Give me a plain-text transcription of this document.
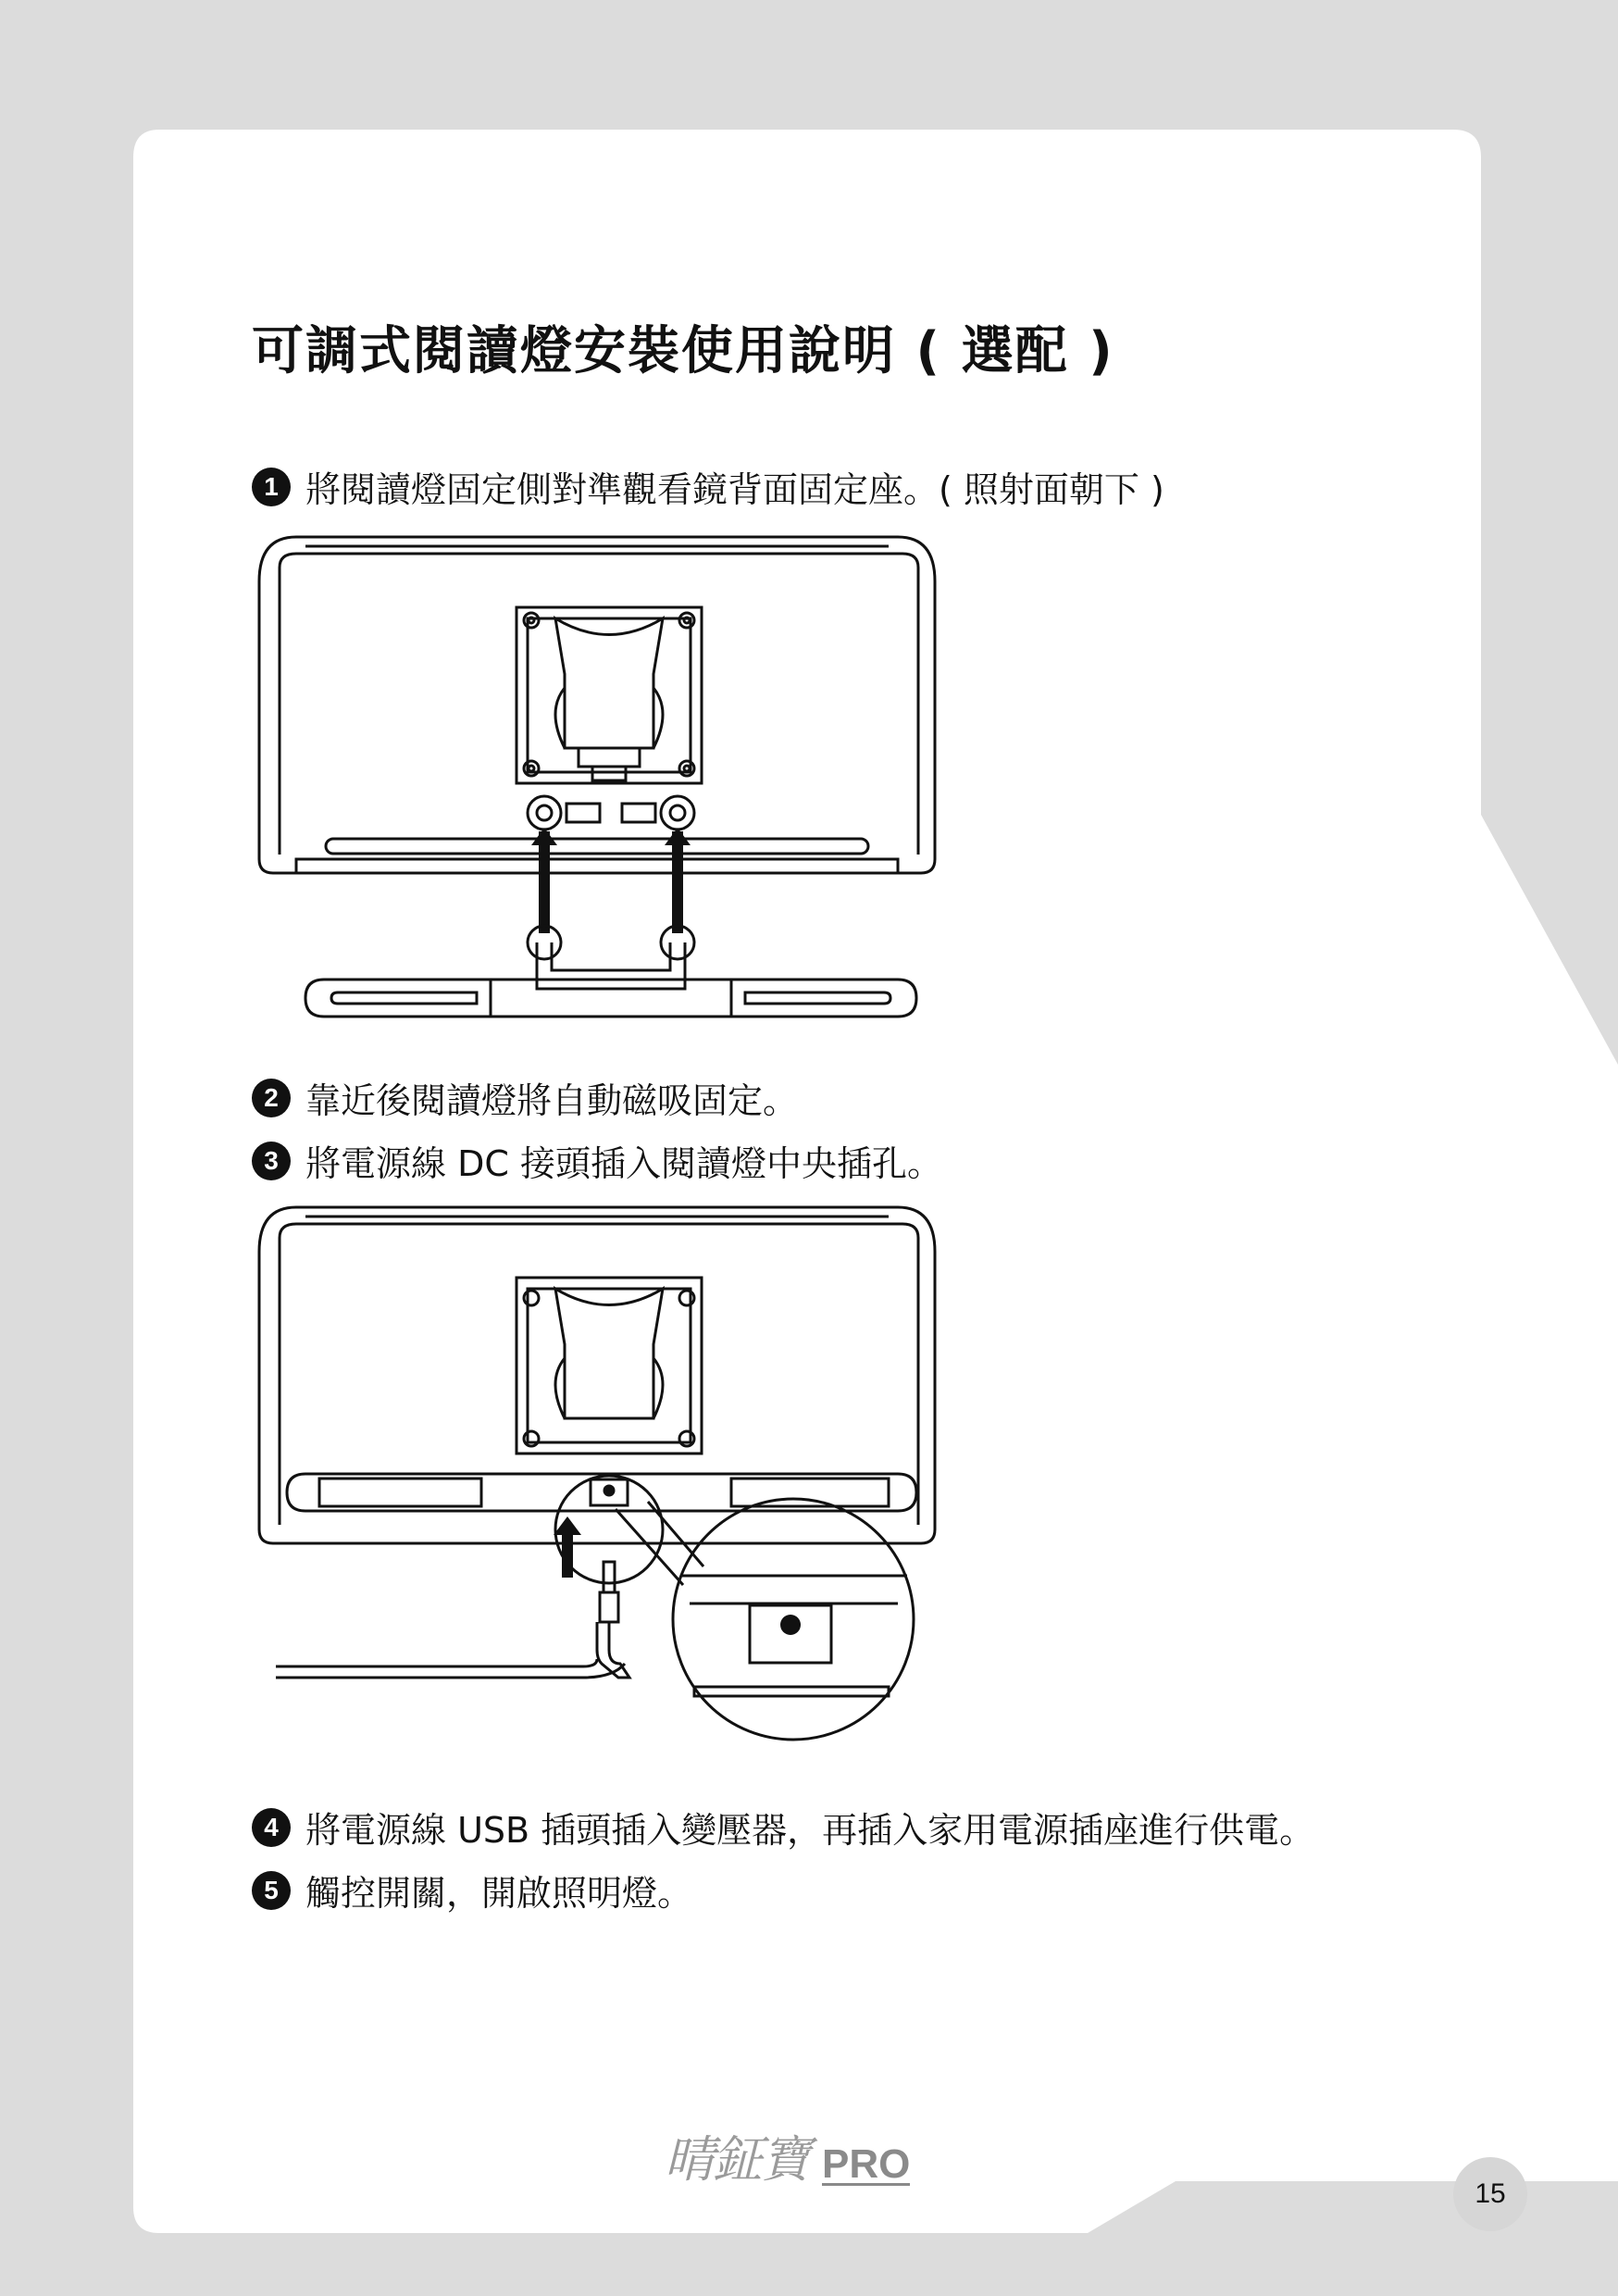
可調式閱讀燈安裝使用說明 ( 選配 )
1 將閱讀燈固定側對準觀看鏡背面固定座。( 照射面朝下 )
2 靠近後閱讀燈將自動磁吸固定。
3 將電源線 DC 接頭插入閱讀燈中央插孔。
4 將電源線 USB 插頭插入變壓器，再插入家用電源插座進行供電。
5 觸控開關，開啟照明燈。
晴鉦寶 PRO
15
